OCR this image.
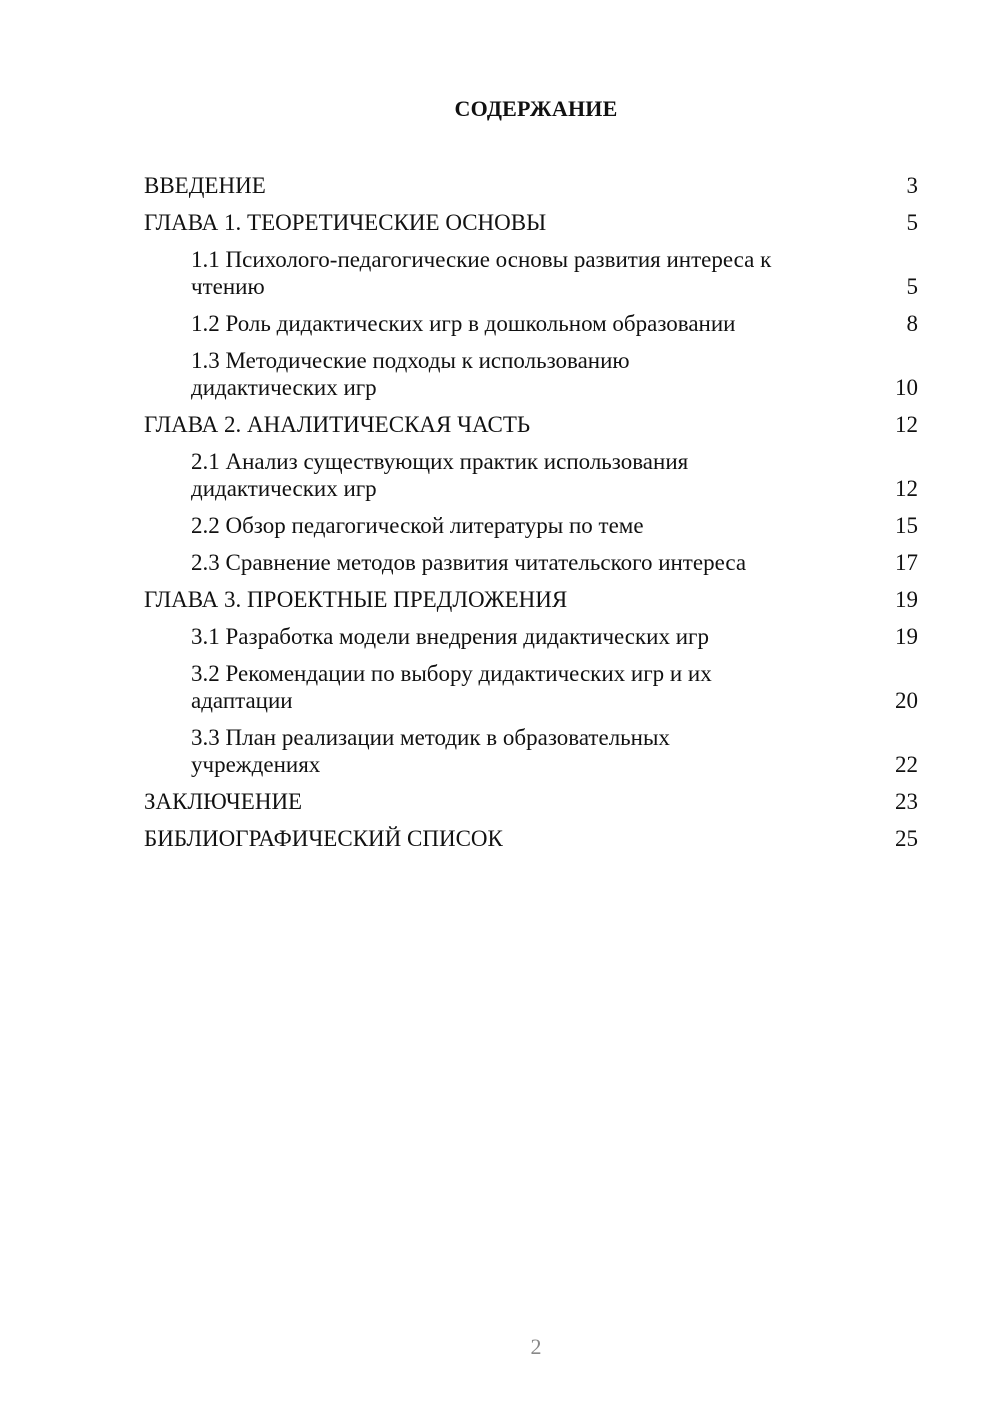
СОДЕРЖАНИЕ
ВВЕДЕНИЕ	3
ГЛАВА 1. ТЕОРЕТИЧЕСКИЕ ОСНОВЫ	5
1.1 Психолого-педагогические основы развития интереса к чтению	5
1.2 Роль дидактических игр в дошкольном образовании	8
1.3 Методические подходы к использованию дидактических игр	10
ГЛАВА 2. АНАЛИТИЧЕСКАЯ ЧАСТЬ	12
2.1 Анализ существующих практик использования дидактических игр	12
2.2 Обзор педагогической литературы по теме	15
2.3 Сравнение методов развития читательского интереса	17
ГЛАВА 3. ПРОЕКТНЫЕ ПРЕДЛОЖЕНИЯ	19
3.1 Разработка модели внедрения дидактических игр	19
3.2 Рекомендации по выбору дидактических игр и их адаптации	20
3.3 План реализации методик в образовательных учреждениях	22
ЗАКЛЮЧЕНИЕ	23
БИБЛИОГРАФИЧЕСКИЙ СПИСОК	25
2
